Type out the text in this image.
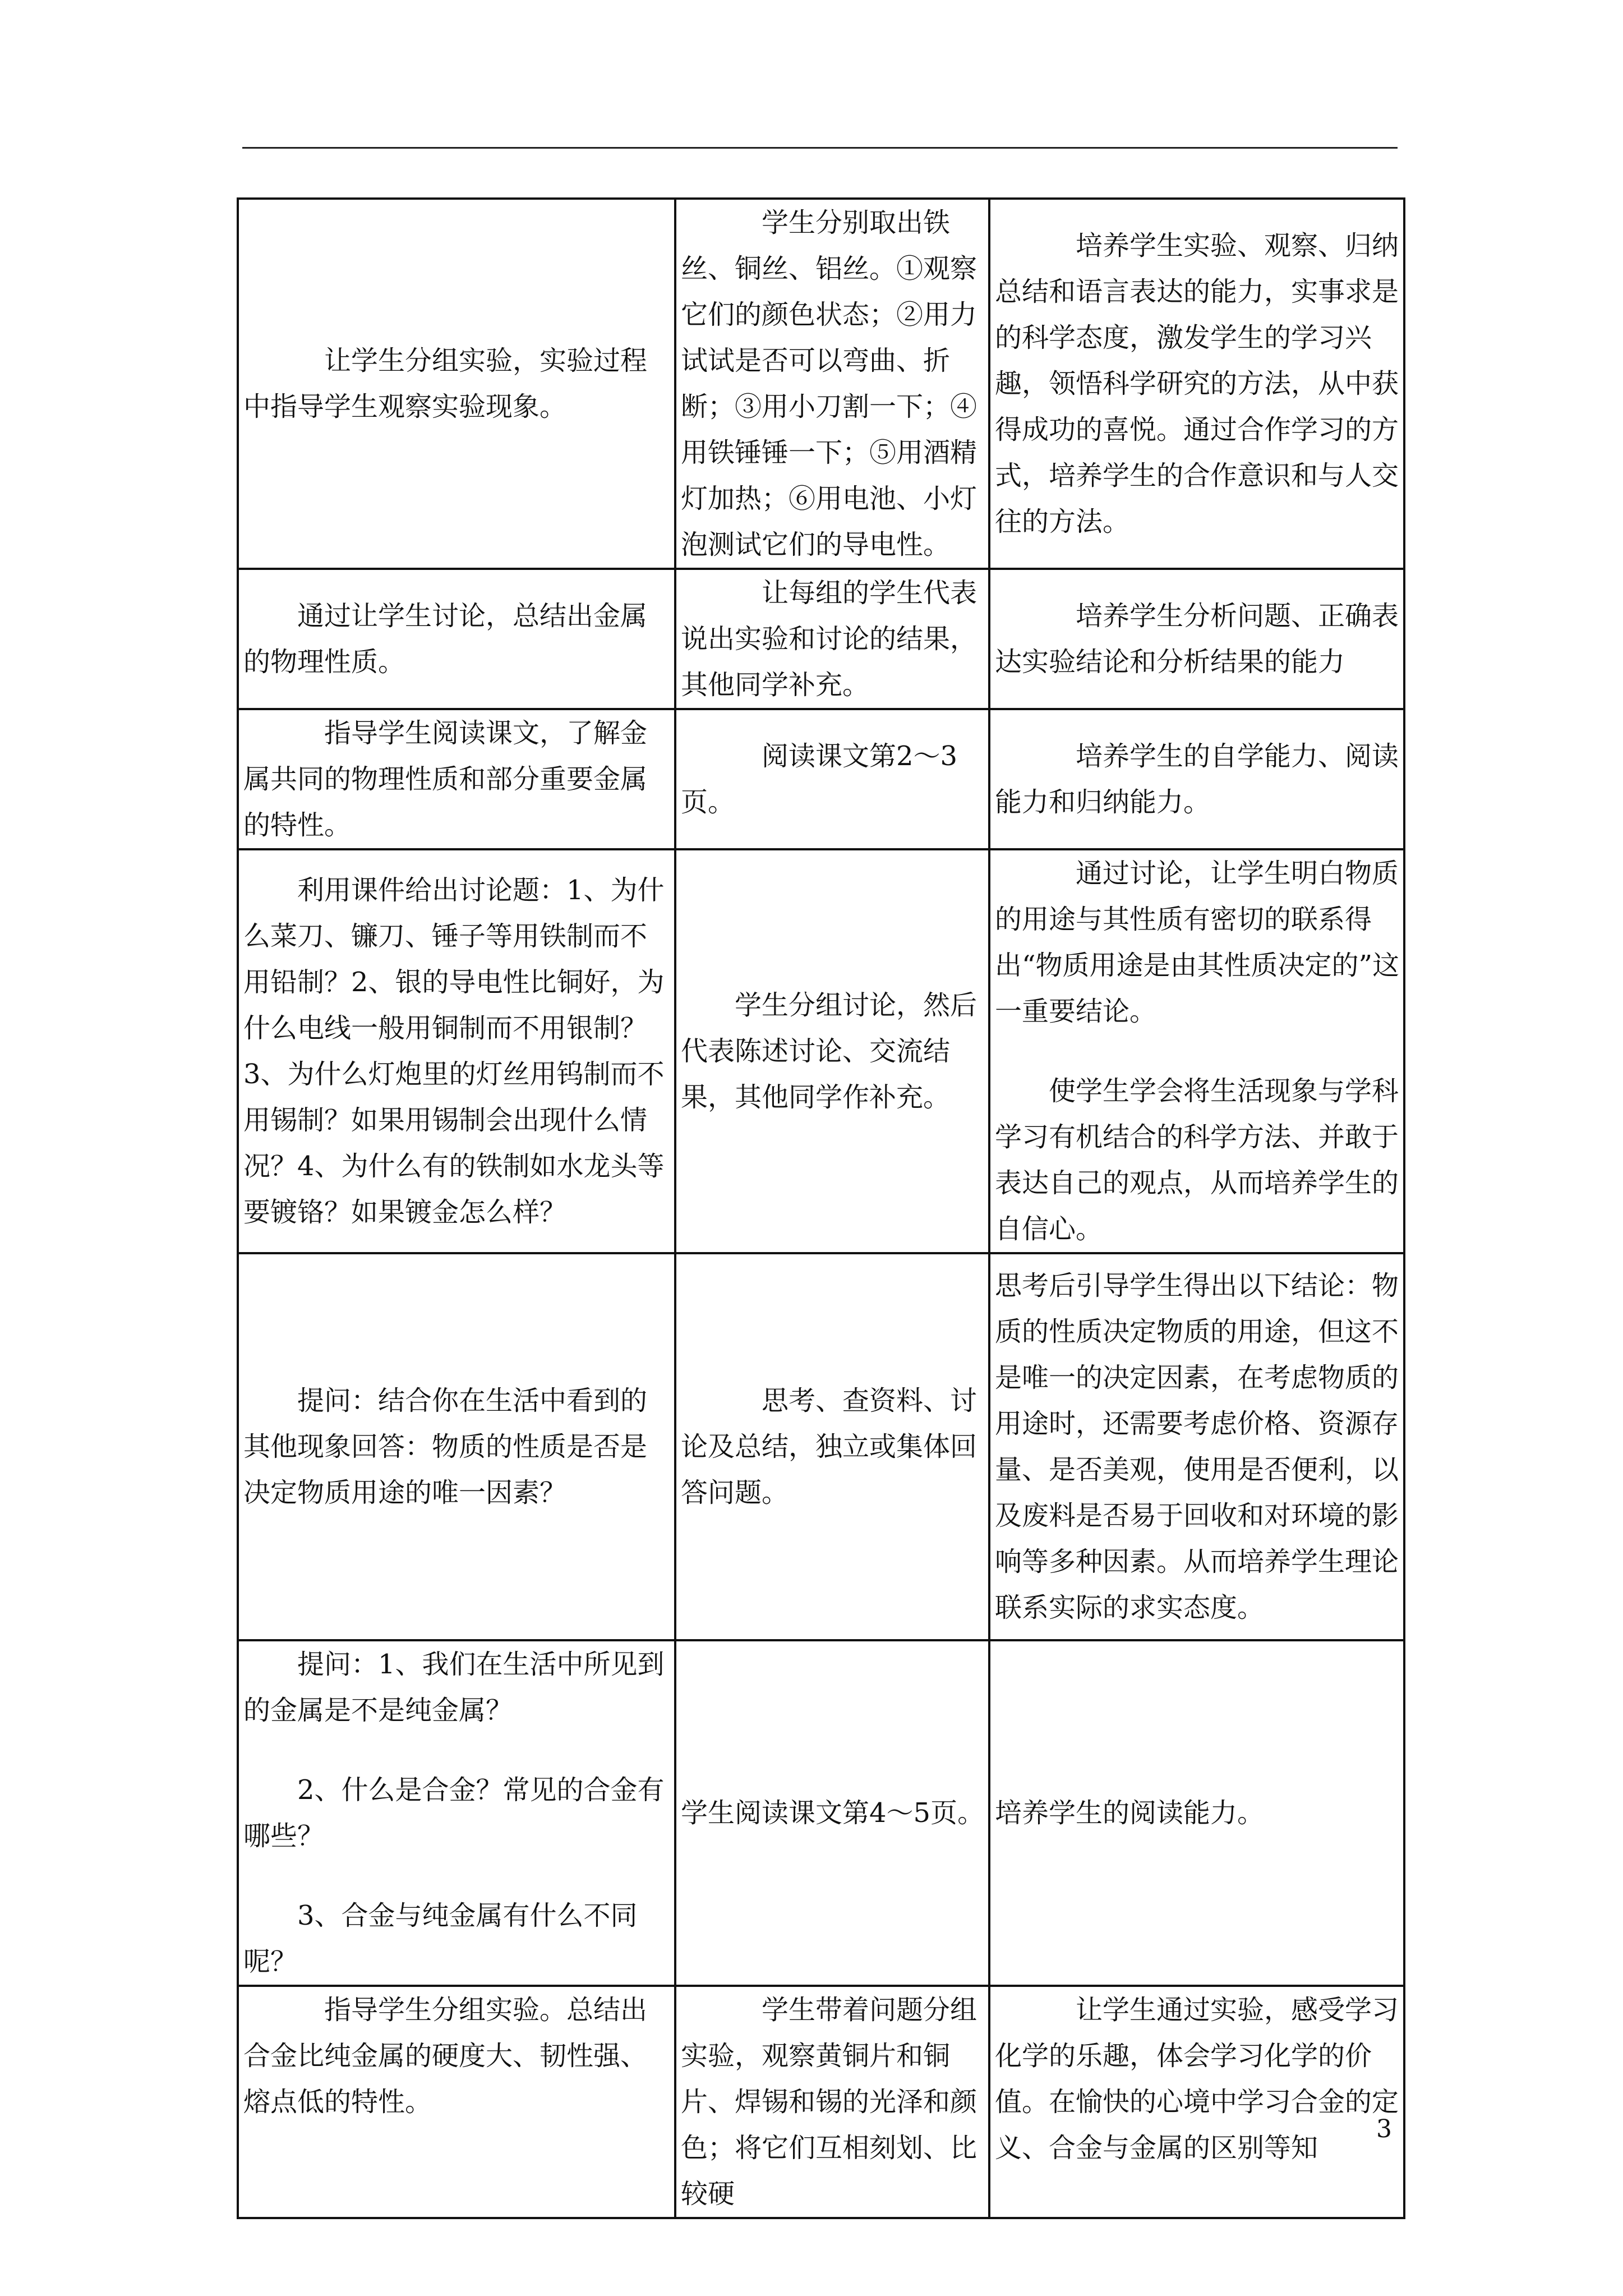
让学生分组实验，实验过程中指导学生观察实验现象。	学生分别取出铁丝、铜丝、铝丝。①观察它们的颜色状态；②用力试试是否可以弯曲、折断；③用小刀割一下；④用铁锤锤一下；⑤用酒精灯加热；⑥用电池、小灯泡测试它们的导电性。	培养学生实验、观察、归纳总结和语言表达的能力，实事求是的科学态度，激发学生的学习兴趣，领悟科学研究的方法，从中获得成功的喜悦。通过合作学习的方式，培养学生的合作意识和与人交往的方法。

通过让学生讨论，总结出金属的物理性质。	让每组的学生代表说出实验和讨论的结果，其他同学补充。	培养学生分析问题、正确表达实验结论和分析结果的能力

指导学生阅读课文，了解金属共同的物理性质和部分重要金属的特性。	阅读课文第2～3页。	培养学生的自学能力、阅读能力和归纳能力。

利用课件给出讨论题：1、为什么菜刀、镰刀、锤子等用铁制而不用铅制？2、银的导电性比铜好，为什么电线一般用铜制而不用银制？3、为什么灯炮里的灯丝用钨制而不用锡制？如果用锡制会出现什么情况？4、为什么有的铁制如水龙头等要镀铬？如果镀金怎么样？	学生分组讨论，然后代表陈述讨论、交流结果，其他同学作补充。	通过讨论，让学生明白物质的用途与其性质有密切的联系得出“物质用途是由其性质决定的”这一重要结论。

使学生学会将生活现象与学科学习有机结合的科学方法、并敢于表达自己的观点，从而培养学生的自信心。

提问：结合你在生活中看到的其他现象回答：物质的性质是否是决定物质用途的唯一因素？	思考、查资料、讨论及总结，独立或集体回答问题。	思考后引导学生得出以下结论：物质的性质决定物质的用途，但这不是唯一的决定因素，在考虑物质的用途时，还需要考虑价格、资源存量、是否美观，使用是否便利，以及废料是否易于回收和对环境的影响等多种因素。从而培养学生理论联系实际的求实态度。

提问：1、我们在生活中所见到的金属是不是纯金属？

2、什么是合金？常见的合金有哪些？

3、合金与纯金属有什么不同呢？	学生阅读课文第4～5页。	培养学生的阅读能力。

指导学生分组实验。总结出合金比纯金属的硬度大、韧性强、熔点低的特性。	学生带着问题分组实验，观察黄铜片和铜片、焊锡和锡的光泽和颜色；将它们互相刻划、比较硬	让学生通过实验，感受学习化学的乐趣，体会学习化学的价值。在愉快的心境中学习合金的定义、合金与金属的区别等知

3
